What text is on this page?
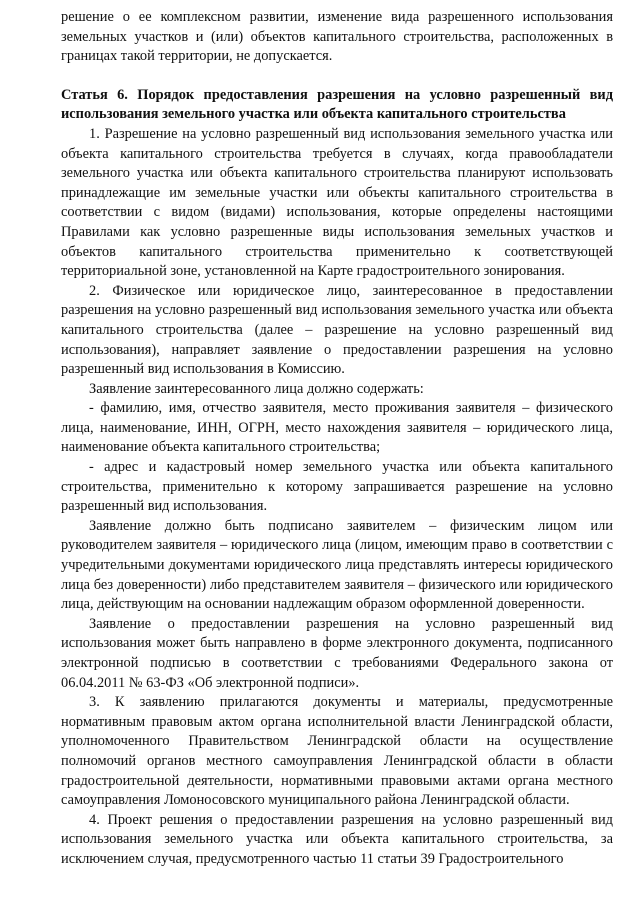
решение о ее комплексном развитии, изменение вида разрешенного использования земельных участков и (или) объектов капитального строительства, расположенных в границах такой территории, не допускается.

Статья 6. Порядок предоставления разрешения на условно разрешенный вид использования земельного участка или объекта капитального строительства

1. Разрешение на условно разрешенный вид использования земельного участка или объекта капитального строительства требуется в случаях, когда правообладатели земельного участка или объекта капитального строительства планируют использовать принадлежащие им земельные участки или объекты капитального строительства в соответствии с видом (видами) использования, которые определены настоящими Правилами как условно разрешенные виды использования земельных участков и объектов капитального строительства применительно к соответствующей территориальной зоне, установленной на Карте градостроительного зонирования.

2. Физическое или юридическое лицо, заинтересованное в предоставлении разрешения на условно разрешенный вид использования земельного участка или объекта капитального строительства (далее – разрешение на условно разрешенный вид использования), направляет заявление о предоставлении разрешения на условно разрешенный вид использования в Комиссию.

Заявление заинтересованного лица должно содержать:

- фамилию, имя, отчество заявителя, место проживания заявителя – физического лица, наименование, ИНН, ОГРН, место нахождения заявителя – юридического лица, наименование объекта капитального строительства;

- адрес и кадастровый номер земельного участка или объекта капитального строительства, применительно к которому запрашивается разрешение на условно разрешенный вид использования.

Заявление должно быть подписано заявителем – физическим лицом или руководителем заявителя – юридического лица (лицом, имеющим право в соответствии с учредительными документами юридического лица представлять интересы юридического лица без доверенности) либо представителем заявителя – физического или юридического лица, действующим на основании надлежащим образом оформленной доверенности.

Заявление о предоставлении разрешения на условно разрешенный вид использования может быть направлено в форме электронного документа, подписанного электронной подписью в соответствии с требованиями Федерального закона от 06.04.2011 № 63-ФЗ «Об электронной подписи».

3. К заявлению прилагаются документы и материалы, предусмотренные нормативным правовым актом органа исполнительной власти Ленинградской области, уполномоченного Правительством Ленинградской области на осуществление полномочий органов местного самоуправления Ленинградской области в области градостроительной деятельности, нормативными правовыми актами органа местного самоуправления Ломоносовского муниципального района Ленинградской области.

4. Проект решения о предоставлении разрешения на условно разрешенный вид использования земельного участка или объекта капитального строительства, за исключением случая, предусмотренного частью 11 статьи 39 Градостроительного
